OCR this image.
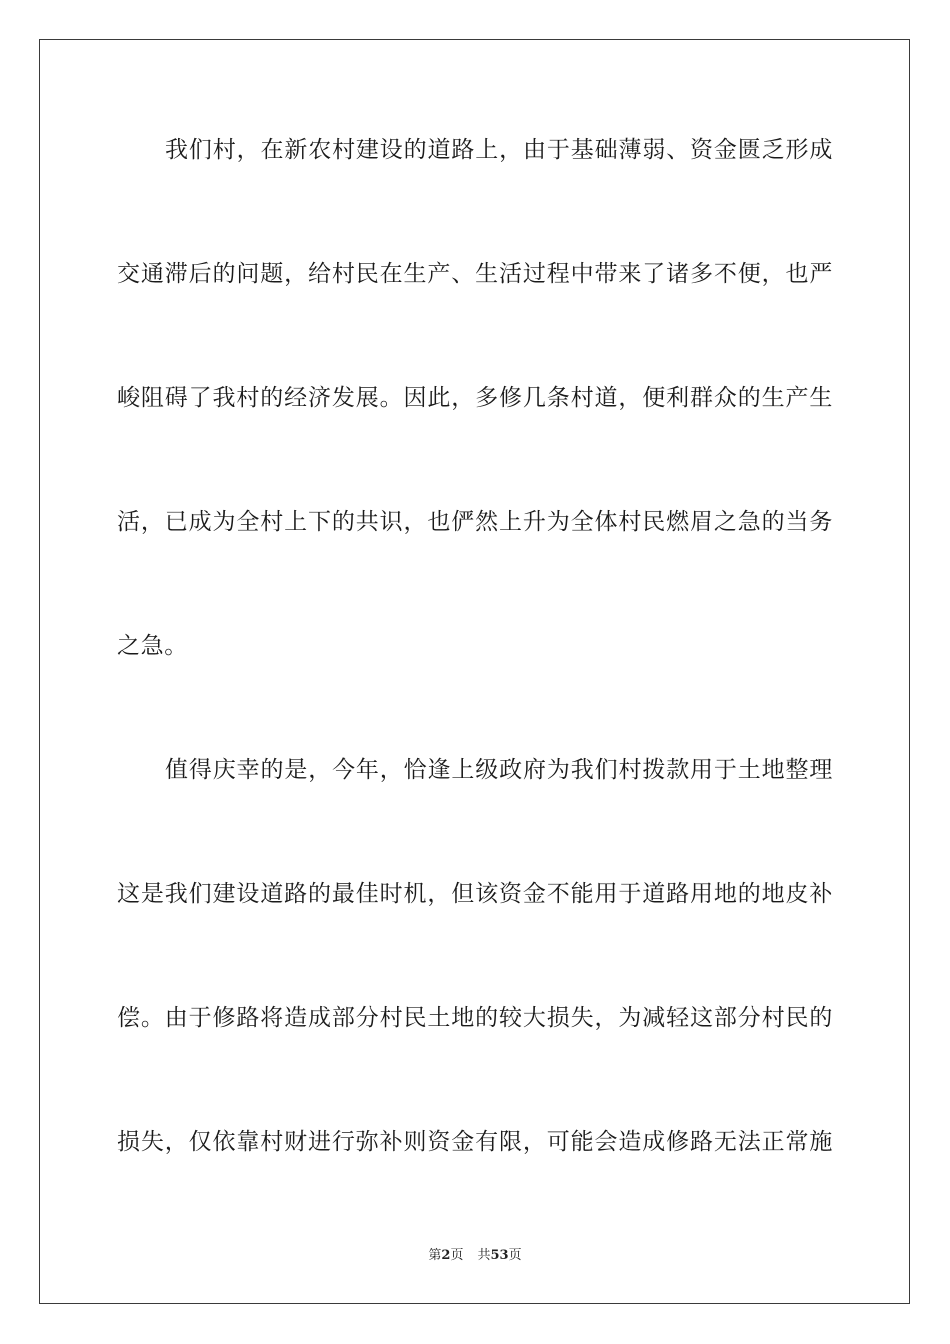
我们村，在新农村建设的道路上，由于基础薄弱、资金匮乏形成
交通滞后的问题，给村民在生产、生活过程中带来了诸多不便，也严
峻阻碍了我村的经济发展。因此，多修几条村道，便利群众的生产生
活，已成为全村上下的共识，也俨然上升为全体村民燃眉之急的当务
之急。
值得庆幸的是，今年，恰逢上级政府为我们村拨款用于土地整理
这是我们建设道路的最佳时机，但该资金不能用于道路用地的地皮补
偿。由于修路将造成部分村民土地的较大损失，为减轻这部分村民的
损失，仅依靠村财进行弥补则资金有限，可能会造成修路无法正常施
第2页 共53页
